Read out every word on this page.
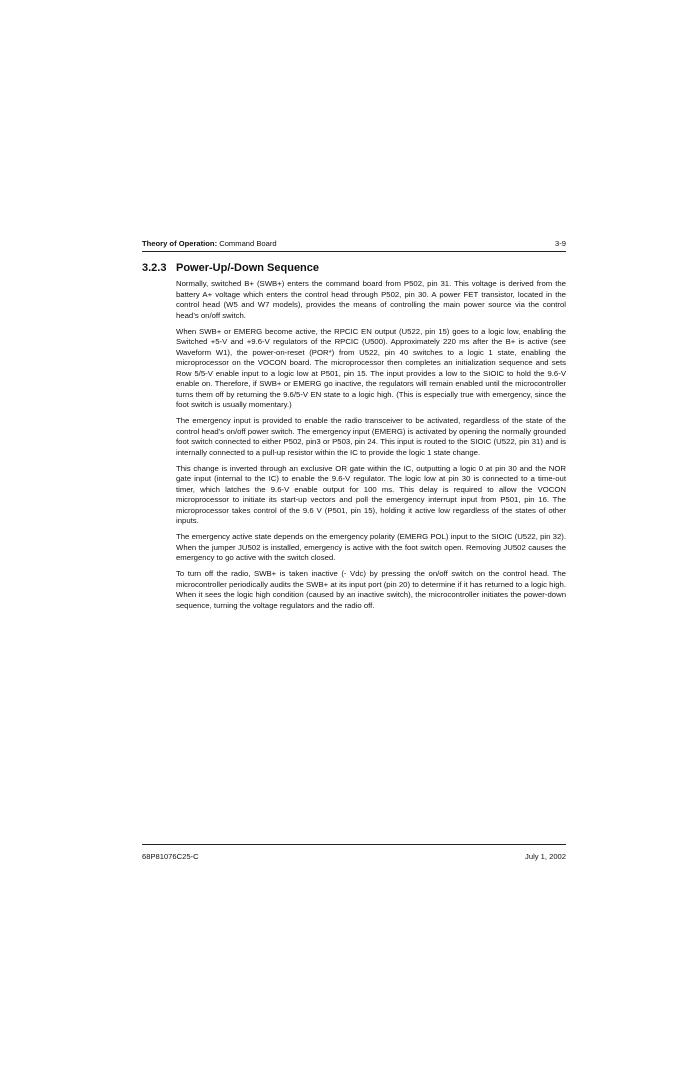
Theory of Operation: Command Board	3-9
3.2.3 Power-Up/-Down Sequence

Normally, switched B+ (SWB+) enters the command board from P502, pin 31. This voltage is derived from the battery A+ voltage which enters the control head through P502, pin 30. A power FET transistor, located in the control head (W5 and W7 models), provides the means of controlling the main power source via the control head’s on/off switch.

When SWB+ or EMERG become active, the RPCIC EN output (U522, pin 15) goes to a logic low, enabling the Switched +5-V and +9.6-V regulators of the RPCIC (U500). Approximately 220 ms after the B+ is active (see Waveform W1), the power-on-reset (POR*) from U522, pin 40 switches to a logic 1 state, enabling the microprocessor on the VOCON board. The microprocessor then completes an initialization sequence and sets Row 5/5-V enable input to a logic low at P501, pin 15. The input provides a low to the SIOIC to hold the 9.6-V enable on. Therefore, if SWB+ or EMERG go inactive, the regulators will remain enabled until the microcontroller turns them off by returning the 9.6/5-V EN state to a logic high. (This is especially true with emergency, since the foot switch is usually momentary.)

The emergency input is provided to enable the radio transceiver to be activated, regardless of the state of the control head’s on/off power switch. The emergency input (EMERG) is activated by opening the normally grounded foot switch connected to either P502, pin3 or P503, pin 24. This input is routed to the SIOIC (U522, pin 31) and is internally connected to a pull-up resistor within the IC to provide the logic 1 state change.

This change is inverted through an exclusive OR gate within the IC, outputting a logic 0 at pin 30 and the NOR gate input (internal to the IC) to enable the 9.6-V regulator. The logic low at pin 30 is connected to a time-out timer, which latches the 9.6-V enable output for 100 ms. This delay is required to allow the VOCON microprocessor to initiate its start-up vectors and poll the emergency interrupt input from P501, pin 16. The microprocessor takes control of the 9.6 V (P501, pin 15), holding it active low regardless of the states of other inputs.

The emergency active state depends on the emergency polarity (EMERG POL) input to the SIOIC (U522, pin 32). When the jumper JU502 is installed, emergency is active with the foot switch open. Removing JU502 causes the emergency to go active with the switch closed.

To turn off the radio, SWB+ is taken inactive (- Vdc) by pressing the on/off switch on the control head. The microcontroller periodically audits the SWB+ at its input port (pin 20) to determine if it has returned to a logic high. When it sees the logic high condition (caused by an inactive switch), the microcontroller initiates the power-down sequence, turning the voltage regulators and the radio off.

68P81076C25-C	July 1, 2002
